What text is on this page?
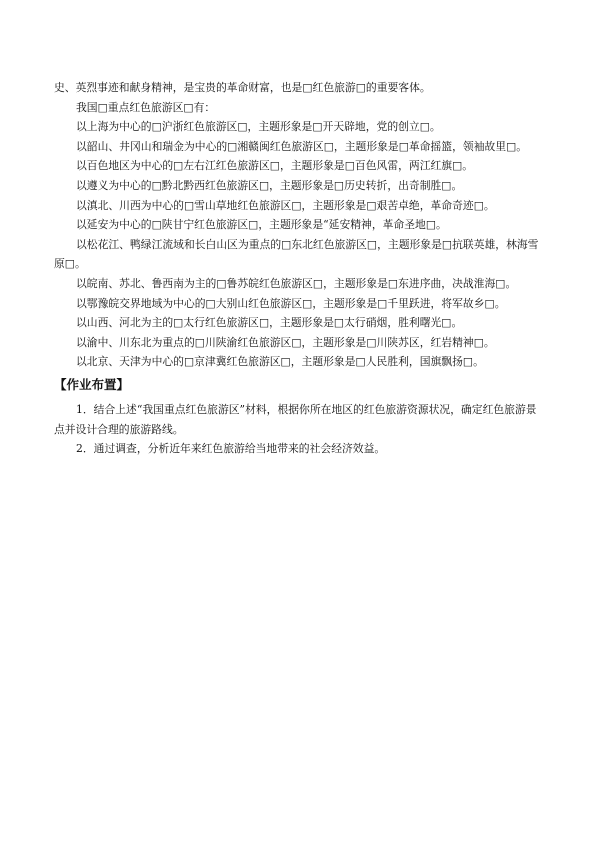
史、英烈事迹和献身精神，是宝贵的革命财富，也是□红色旅游□的重要客体。

我国□重点红色旅游区□有：

以上海为中心的□沪浙红色旅游区□，主题形象是□开天辟地，党的创立□。

以韶山、井冈山和瑞金为中心的□湘赣闽红色旅游区□，主题形象是□革命摇篮，领袖故里□。

以百色地区为中心的□左右江红色旅游区□，主题形象是□百色风雷，两江红旗□。

以遵义为中心的□黔北黔西红色旅游区□，主题形象是□历史转折，出奇制胜□。

以滇北、川西为中心的□雪山草地红色旅游区□，主题形象是□艰苦卓绝，革命奇迹□。

以延安为中心的□陕甘宁红色旅游区□，主题形象是“延安精神，革命圣地□。

以松花江、鸭绿江流域和长白山区为重点的□东北红色旅游区□，主题形象是□抗联英雄，林海雪原□。

以皖南、苏北、鲁西南为主的□鲁苏皖红色旅游区□，主题形象是□东进序曲，决战淮海□。

以鄂豫皖交界地域为中心的□大别山红色旅游区□，主题形象是□千里跃进，将军故乡□。

以山西、河北为主的□太行红色旅游区□，主题形象是□太行硝烟，胜利曙光□。

以渝中、川东北为重点的□川陕渝红色旅游区□，主题形象是□川陕苏区，红岩精神□。

以北京、天津为中心的□京津冀红色旅游区□，主题形象是□人民胜利，国旗飘扬□。

【作业布置】

1．结合上述“我国重点红色旅游区”材料，根据你所在地区的红色旅游资源状况，确定红色旅游景点并设计合理的旅游路线。

2．通过调查，分析近年来红色旅游给当地带来的社会经济效益。
